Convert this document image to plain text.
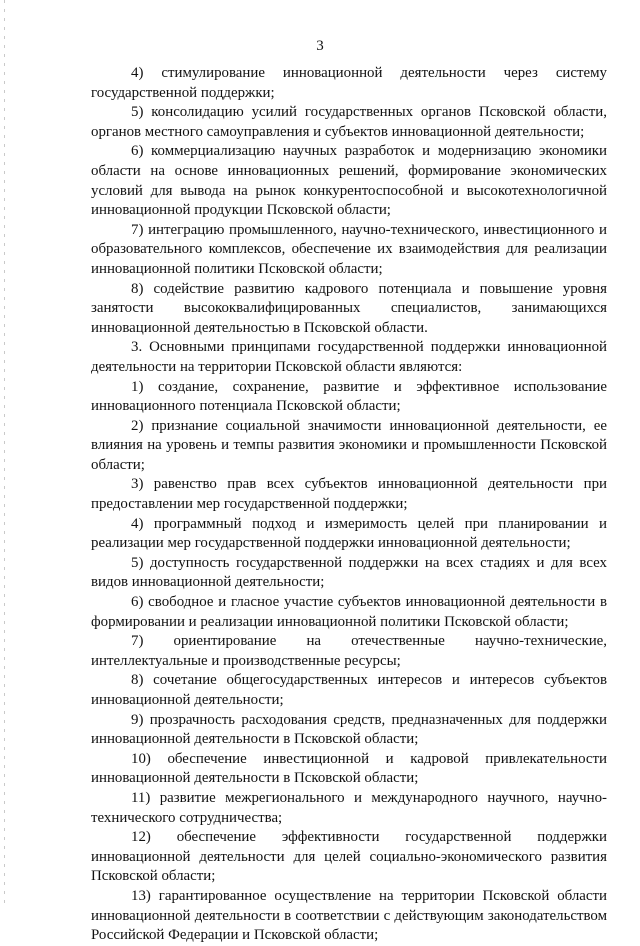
3

4) стимулирование инновационной деятельности через систему государственной поддержки;

5) консолидацию усилий государственных органов Псковской области, органов местного самоуправления и субъектов инновационной деятельности;

6) коммерциализацию научных разработок и модернизацию экономики области на основе инновационных решений, формирование экономических условий для вывода на рынок конкурентоспособной и высокотехнологичной инновационной продукции Псковской области;

7) интеграцию промышленного, научно-технического, инвестиционного и образовательного комплексов, обеспечение их взаимодействия для реализации инновационной политики Псковской области;

8) содействие развитию кадрового потенциала и повышение уровня занятости высококвалифицированных специалистов, занимающихся инновационной деятельностью в Псковской области.

3. Основными принципами государственной поддержки инновационной деятельности на территории Псковской области являются:

1) создание, сохранение, развитие и эффективное использование инновационного потенциала Псковской области;

2) признание социальной значимости инновационной деятельности, ее влияния на уровень и темпы развития экономики и промышленности Псковской области;

3) равенство прав всех субъектов инновационной деятельности при предоставлении мер государственной поддержки;

4) программный подход и измеримость целей при планировании и реализации мер государственной поддержки инновационной деятельности;

5) доступность государственной поддержки на всех стадиях и для всех видов инновационной деятельности;

6) свободное и гласное участие субъектов инновационной деятельности в формировании и реализации инновационной политики Псковской области;

7) ориентирование на отечественные научно-технические, интеллектуальные и производственные ресурсы;

8) сочетание общегосударственных интересов и интересов субъектов инновационной деятельности;

9) прозрачность расходования средств, предназначенных для поддержки инновационной деятельности в Псковской области;

10) обеспечение инвестиционной и кадровой привлекательности инновационной деятельности в Псковской области;

11) развитие межрегионального и международного научного, научно-технического сотрудничества;

12) обеспечение эффективности государственной поддержки инновационной деятельности для целей социально-экономического развития Псковской области;

13) гарантированное осуществление на территории Псковской области инновационной деятельности в соответствии с действующим законодательством Российской Федерации и Псковской области;
